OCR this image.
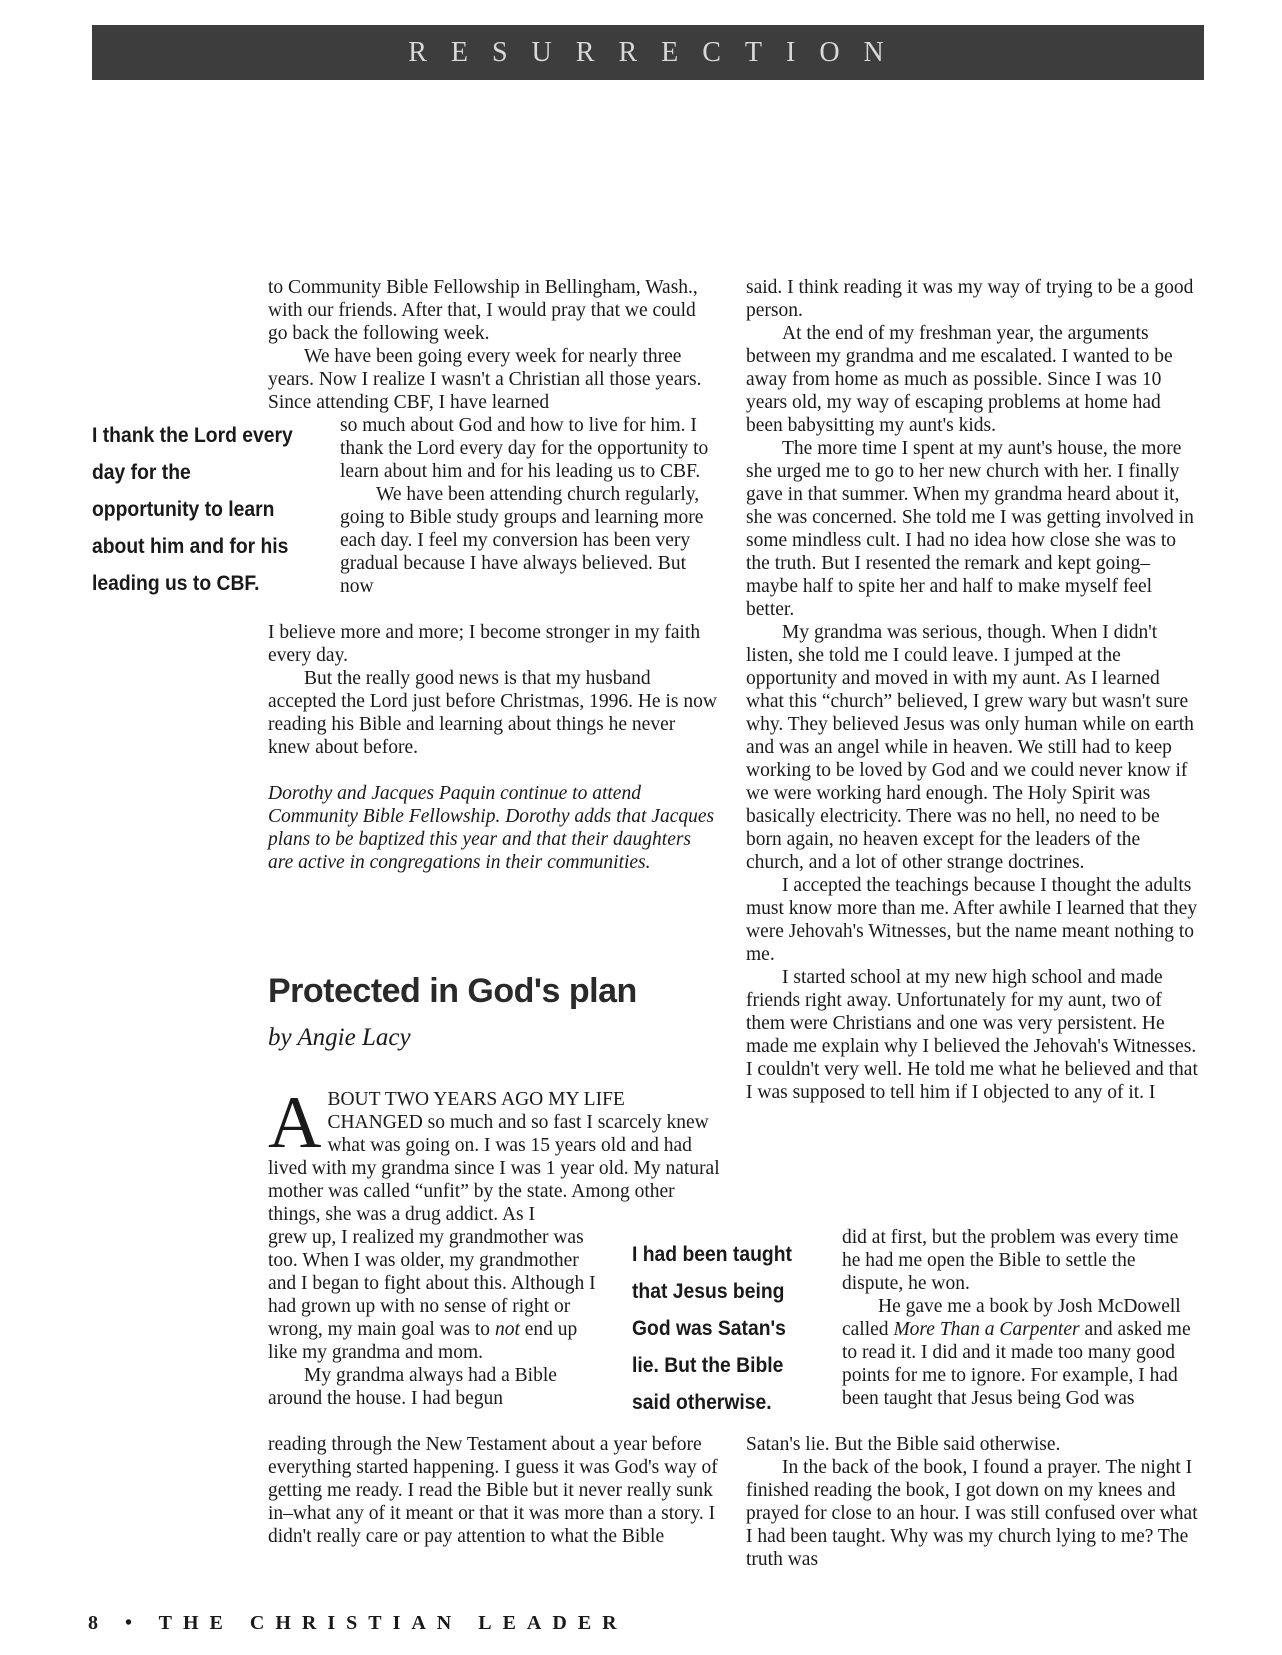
RESURRECTION

to Community Bible Fellowship in Bellingham, Wash., with our friends. After that, I would pray that we could go back the following week.

We have been going every week for nearly three years. Now I realize I wasn't a Christian all those years. Since attending CBF, I have learned

so much about God and how to live for him. I thank the Lord every day for the opportunity to learn about him and for his leading us to CBF.

We have been attending church regularly, going to Bible study groups and learning more each day. I feel my conversion has been very gradual because I have always believed. But now

I believe more and more; I become stronger in my faith every day.

But the really good news is that my husband accepted the Lord just before Christmas, 1996. He is now reading his Bible and learning about things he never knew about before.

Dorothy and Jacques Paquin continue to attend Community Bible Fellowship. Dorothy adds that Jacques plans to be baptized this year and that their daughters are active in congregations in their communities.

I thank the Lord every
day for the
opportunity to learn
about him and for his
leading us to CBF.
Protected in God's plan
by Angie Lacy

ABOUT TWO YEARS AGO MY LIFE CHANGED so much and so fast I scarcely knew what was going on. I was 15 years old and had lived with my grandma since I was 1 year old. My natural mother was called “unfit” by the state. Among other things, she was a drug addict. As I

grew up, I realized my grandmother was too. When I was older, my grandmother and I began to fight about this. Although I had grown up with no sense of right or wrong, my main goal was to not end up like my grandma and mom.

My grandma always had a Bible around the house. I had begun

reading through the New Testament about a year before everything started happening. I guess it was God's way of getting me ready. I read the Bible but it never really sunk in–what any of it meant or that it was more than a story. I didn't really care or pay attention to what the Bible

I had been taught
that Jesus being
God was Satan's
lie. But the Bible
said otherwise.

said. I think reading it was my way of trying to be a good person.

At the end of my freshman year, the arguments between my grandma and me escalated. I wanted to be away from home as much as possible. Since I was 10 years old, my way of escaping problems at home had been babysitting my aunt's kids.

The more time I spent at my aunt's house, the more she urged me to go to her new church with her. I finally gave in that summer. When my grandma heard about it, she was concerned. She told me I was getting involved in some mindless cult. I had no idea how close she was to the truth. But I resented the remark and kept going–maybe half to spite her and half to make myself feel better.

My grandma was serious, though. When I didn't listen, she told me I could leave. I jumped at the opportunity and moved in with my aunt. As I learned what this “church” believed, I grew wary but wasn't sure why. They believed Jesus was only human while on earth and was an angel while in heaven. We still had to keep working to be loved by God and we could never know if we were working hard enough. The Holy Spirit was basically electricity. There was no hell, no need to be born again, no heaven except for the leaders of the church, and a lot of other strange doctrines.

I accepted the teachings because I thought the adults must know more than me. After awhile I learned that they were Jehovah's Witnesses, but the name meant nothing to me.

I started school at my new high school and made friends right away. Unfortunately for my aunt, two of them were Christians and one was very persistent. He made me explain why I believed the Jehovah's Witnesses. I couldn't very well. He told me what he believed and that I was supposed to tell him if I objected to any of it. I

did at first, but the problem was every time he had me open the Bible to settle the dispute, he won.

He gave me a book by Josh McDowell called More Than a Carpenter and asked me to read it. I did and it made too many good points for me to ignore. For example, I had been taught that Jesus being God was

Satan's lie. But the Bible said otherwise.

In the back of the book, I found a prayer. The night I finished reading the book, I got down on my knees and prayed for close to an hour. I was still confused over what I had been taught. Why was my church lying to me? The truth was

8 • THE CHRISTIAN LEADER
